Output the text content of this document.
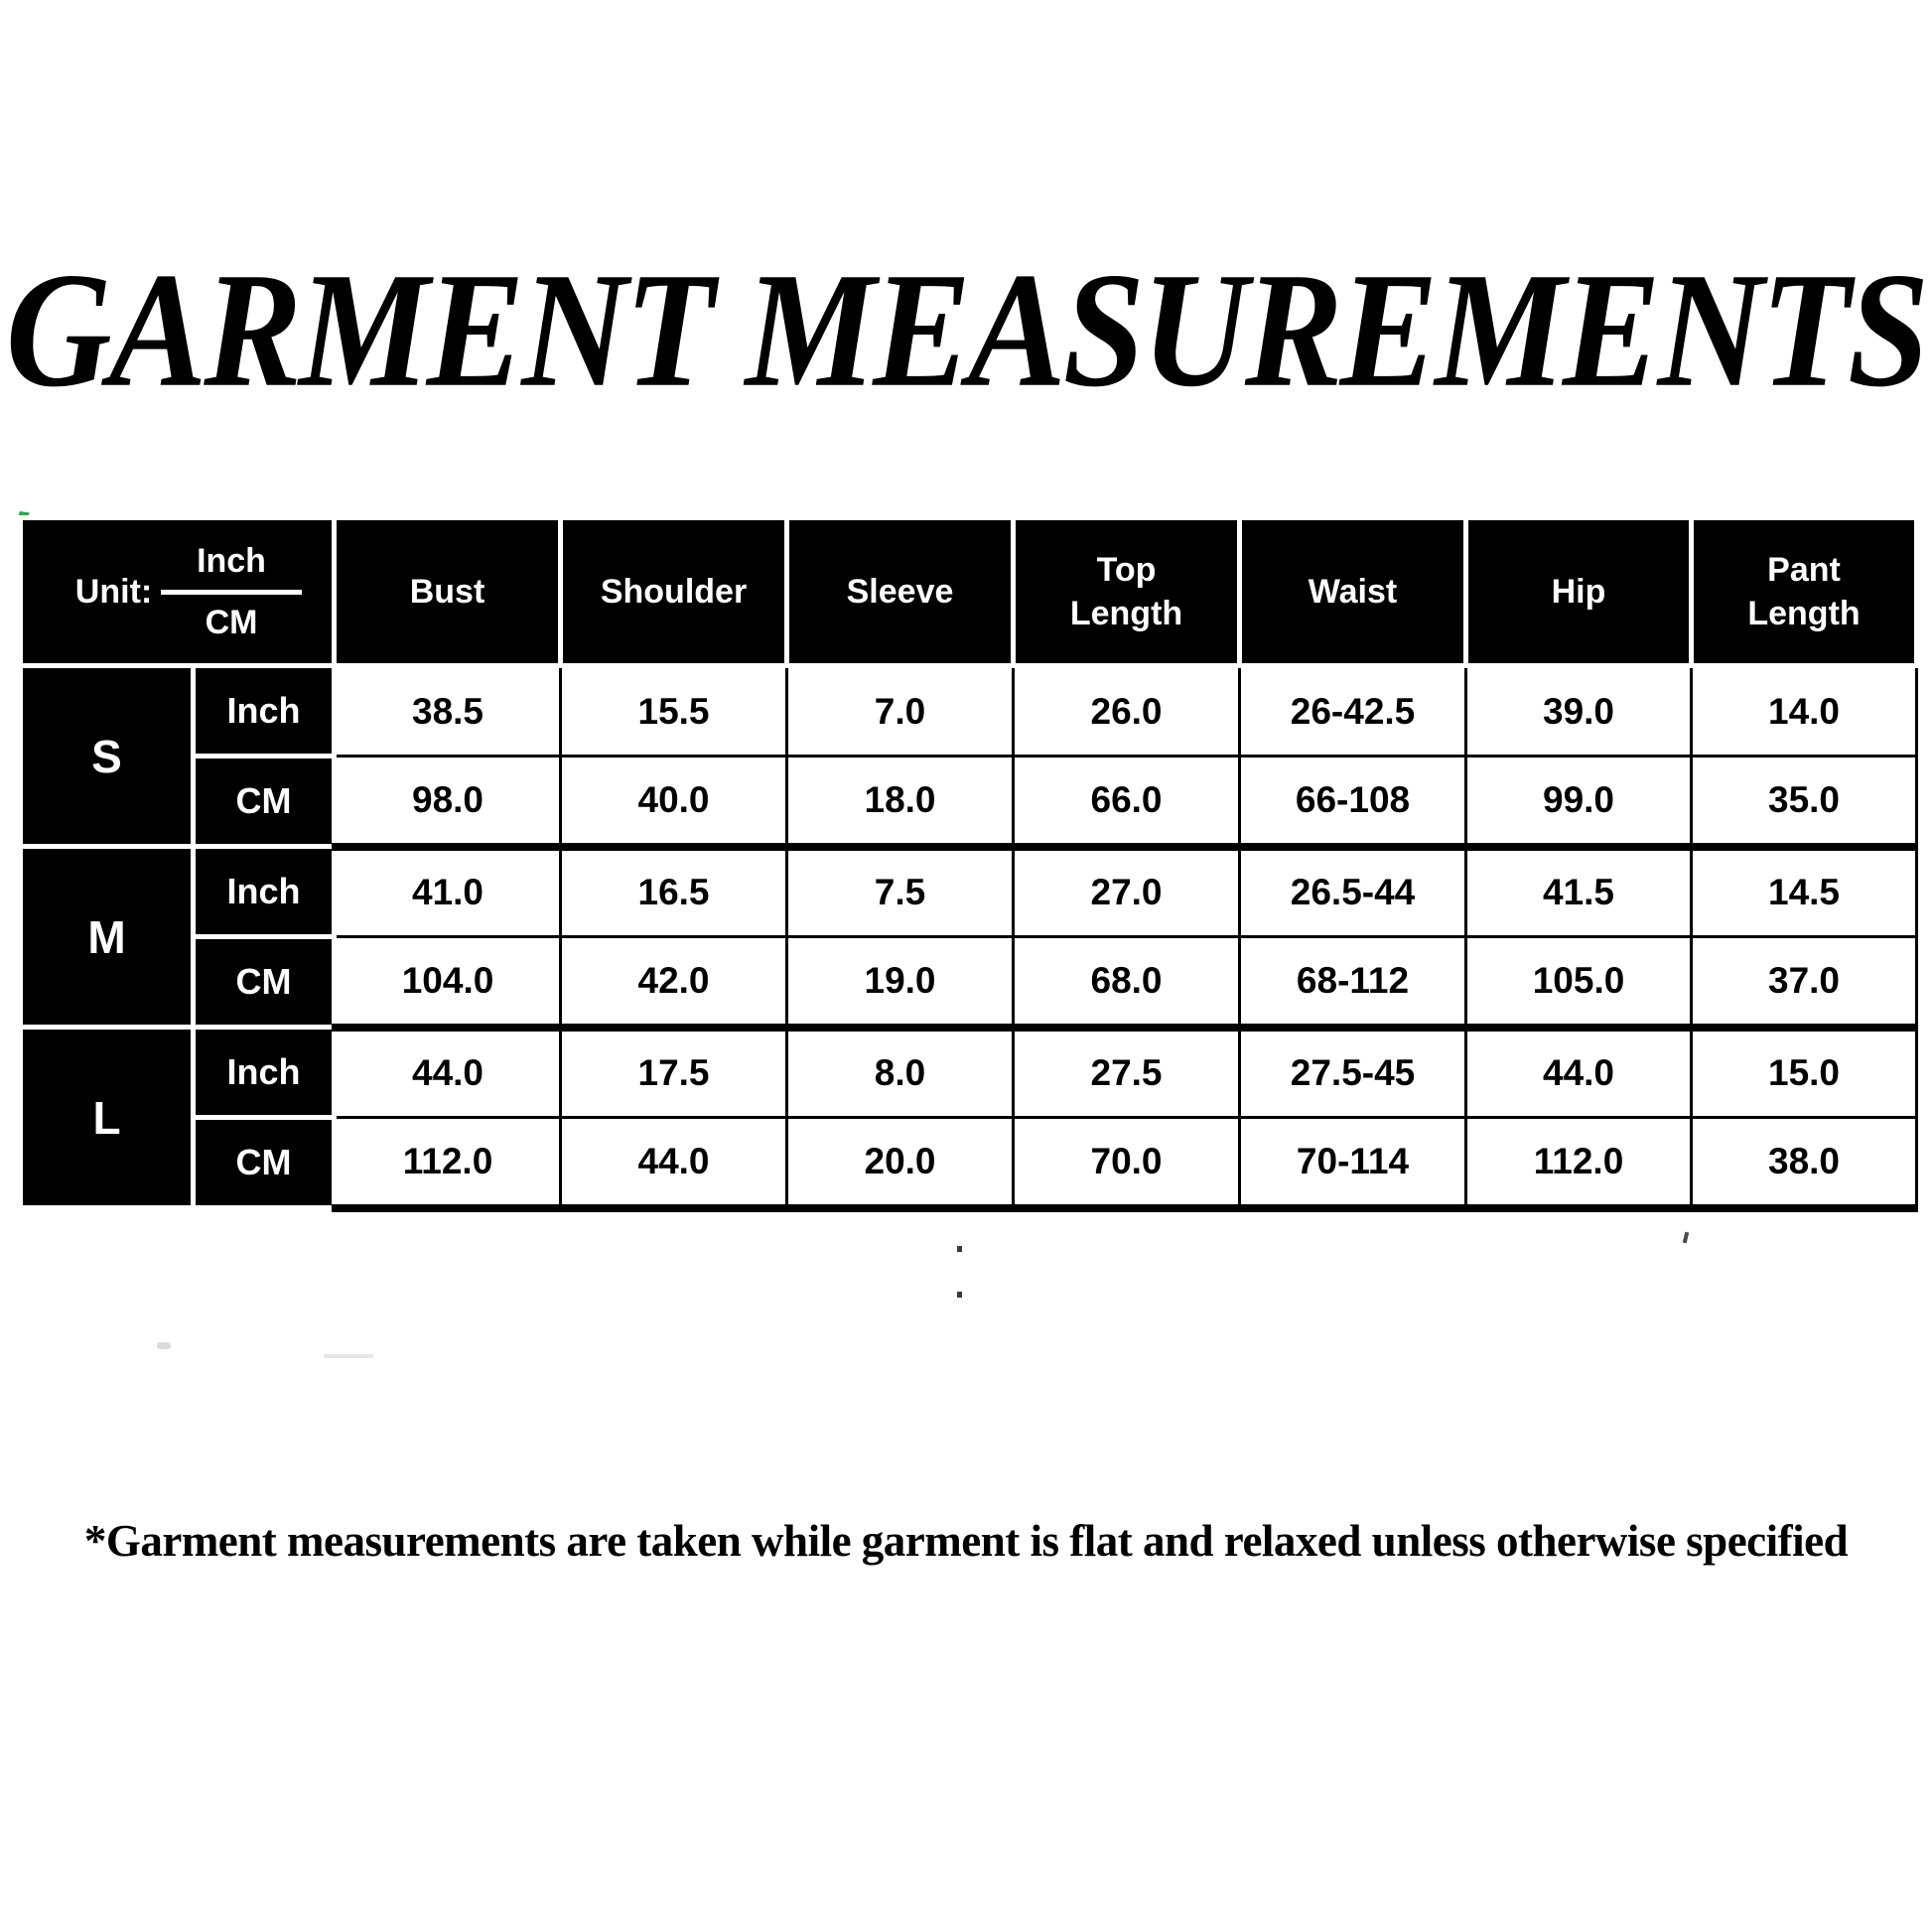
GARMENT MEASUREMENTS
Unit: $\frac{\text{Inch}}{CM}$		Bust	Shoulder	Sleeve	Top Length	Waist	Hip	Pant Length
S	Inch	38.5	15.5	7.0	26.0	26-42.5	39.0	14.0
	CM	98.0	40.0	18.0	66.0	66-108	99.0	35.0
M	Inch	41.0	16.5	7.5	27.0	26.5-44	41.5	14.5
	CM	104.0	42.0	19.0	68.0	68-112	105.0	37.0
L	Inch	44.0	17.5	8.0	27.5	27.5-45	44.0	15.0
	CM	112.0	44.0	20.0	70.0	70-114	112.0	38.0
*Garment measurements are taken while garment is flat and relaxed unless otherwise specified
